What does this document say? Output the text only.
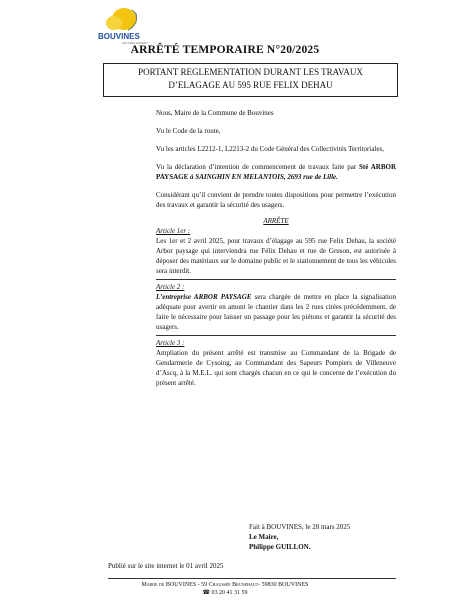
BOUVINES
NATURELLEMENT
ARRÊTÉ TEMPORAIRE N°20/2025
PORTANT REGLEMENTATION DURANT LES TRAVAUX
D’ELAGAGE AU 595 RUE FELIX DEHAU

Nous, Maire de la Commune de Bouvines

Vu le Code de la route,

Vu les articles L2212-1, L2213-2 du Code Général des Collectivités Territoriales,

Vu la déclaration d’intention de commencement de travaux faite par Sté ARBOR PAYSAGE à SAINGHIN EN MELANTOIS, 2693 rue de Lille.

Considérant qu’il convient de prendre toutes dispositions pour permettre l’exécution des travaux et garantir la sécurité des usagers.

ARRÊTE

Article 1er :

Les 1er et 2 avril 2025, pour travaux d’élagage au 595 rue Felix Dehau, la société Arbor paysage qui interviendra rue Félix Dehau et rue de Gruson, est autorisée à déposer des matériaux sur le domaine public et le stationnement de tous les véhicules sera interdit.

Article 2 :

L’entreprise ARBOR PAYSAGE sera chargée de mettre en place la signalisation adéquate pour avertir en amont le chantier dans les 2 rues citées précédemment, de faire le nécessaire pour laisser un passage pour les piétons et garantir la sécurité des usagers.

Article 3 :

Ampliation du présent arrêté est transmise au Commandant de la Brigade de Gendarmerie de Cysoing, au Commandant des Sapeurs Pompiers de Villeneuve d’Ascq, à la M.E.L. qui sont chargés chacun en ce qui le concerne de l’exécution du présent arrêté.

Fait à BOUVINES, le 28 mars 2025
Le Maire,
Philippe GUILLON.
Publié sur le site internet le 01 avril 2025
Mairie de BOUVINES - 59 Chaussée Brunehaut- 59830 BOUVINES
☎ 03 20 41 31 59
